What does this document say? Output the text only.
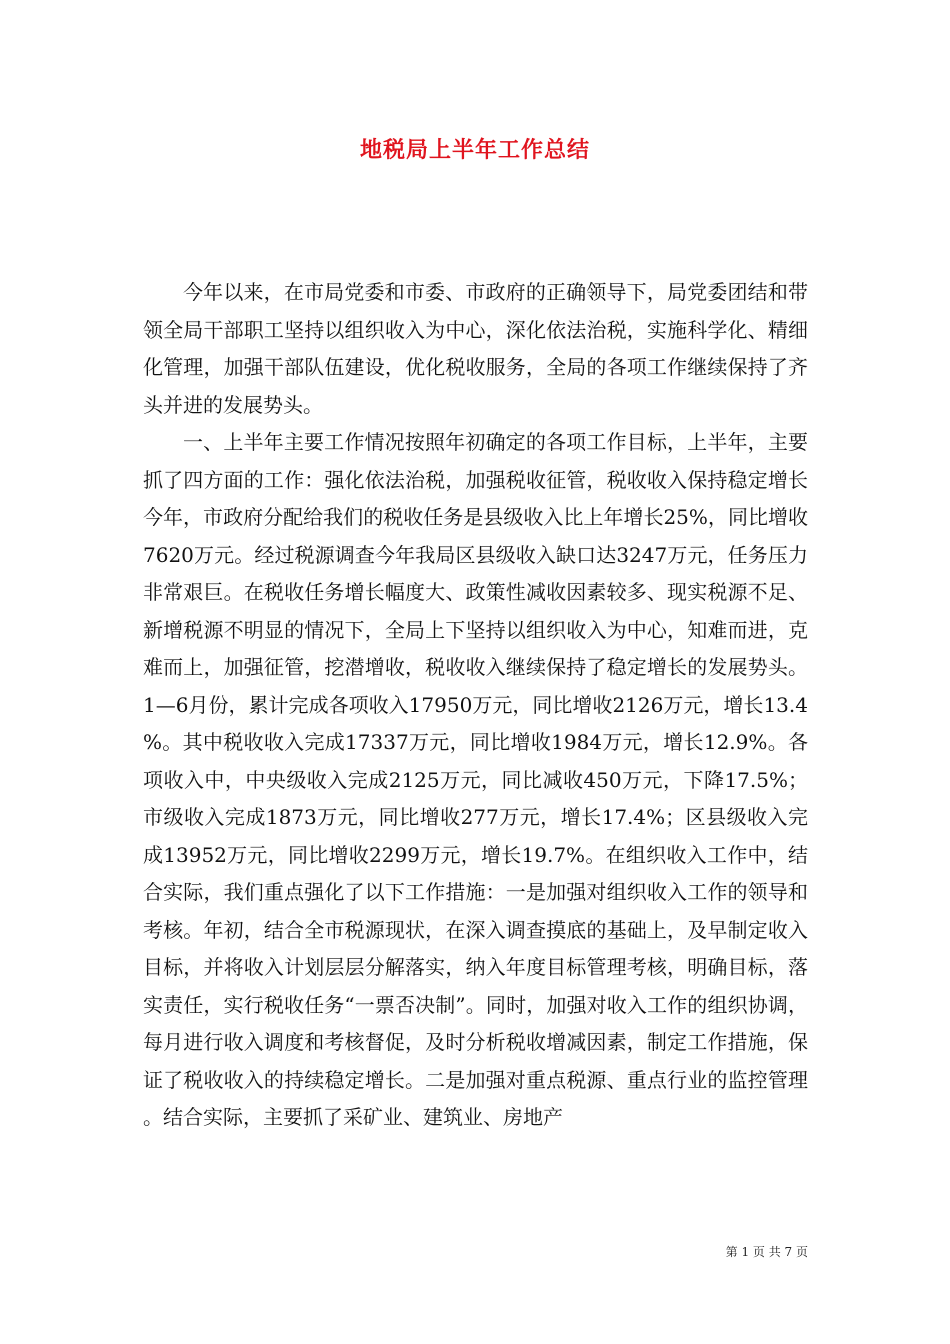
地税局上半年工作总结

今年以来，在市局党委和市委、市政府的正确领导下，局党委团结和带领全局干部职工坚持以组织收入为中心，深化依法治税，实施科学化、精细化管理，加强干部队伍建设，优化税收服务，全局的各项工作继续保持了齐头并进的发展势头。

一、上半年主要工作情况按照年初确定的各项工作目标，上半年，主要抓了四方面的工作：强化依法治税，加强税收征管，税收收入保持稳定增长今年，市政府分配给我们的税收任务是县级收入比上年增长25%，同比增收7620万元。经过税源调查今年我局区县级收入缺口达3247万元，任务压力非常艰巨。在税收任务增长幅度大、政策性减收因素较多、现实税源不足、新增税源不明显的情况下，全局上下坚持以组织收入为中心，知难而进，克难而上，加强征管，挖潜增收，税收收入继续保持了稳定增长的发展势头。1—6月份，累计完成各项收入17950万元，同比增收2126万元，增长13.4%。其中税收收入完成17337万元，同比增收1984万元，增长12.9%。各项收入中，中央级收入完成2125万元，同比减收450万元，下降17.5%；市级收入完成1873万元，同比增收277万元，增长17.4%；区县级收入完成13952万元，同比增收2299万元，增长19.7%。在组织收入工作中，结合实际，我们重点强化了以下工作措施：一是加强对组织收入工作的领导和考核。年初，结合全市税源现状，在深入调查摸底的基础上，及早制定收入目标，并将收入计划层层分解落实，纳入年度目标管理考核，明确目标，落实责任，实行税收任务“一票否决制”。同时，加强对收入工作的组织协调，每月进行收入调度和考核督促，及时分析税收增减因素，制定工作措施，保证了税收收入的持续稳定增长。二是加强对重点税源、重点行业的监控管理。结合实际，主要抓了采矿业、建筑业、房地产

第 1 页 共 7 页
